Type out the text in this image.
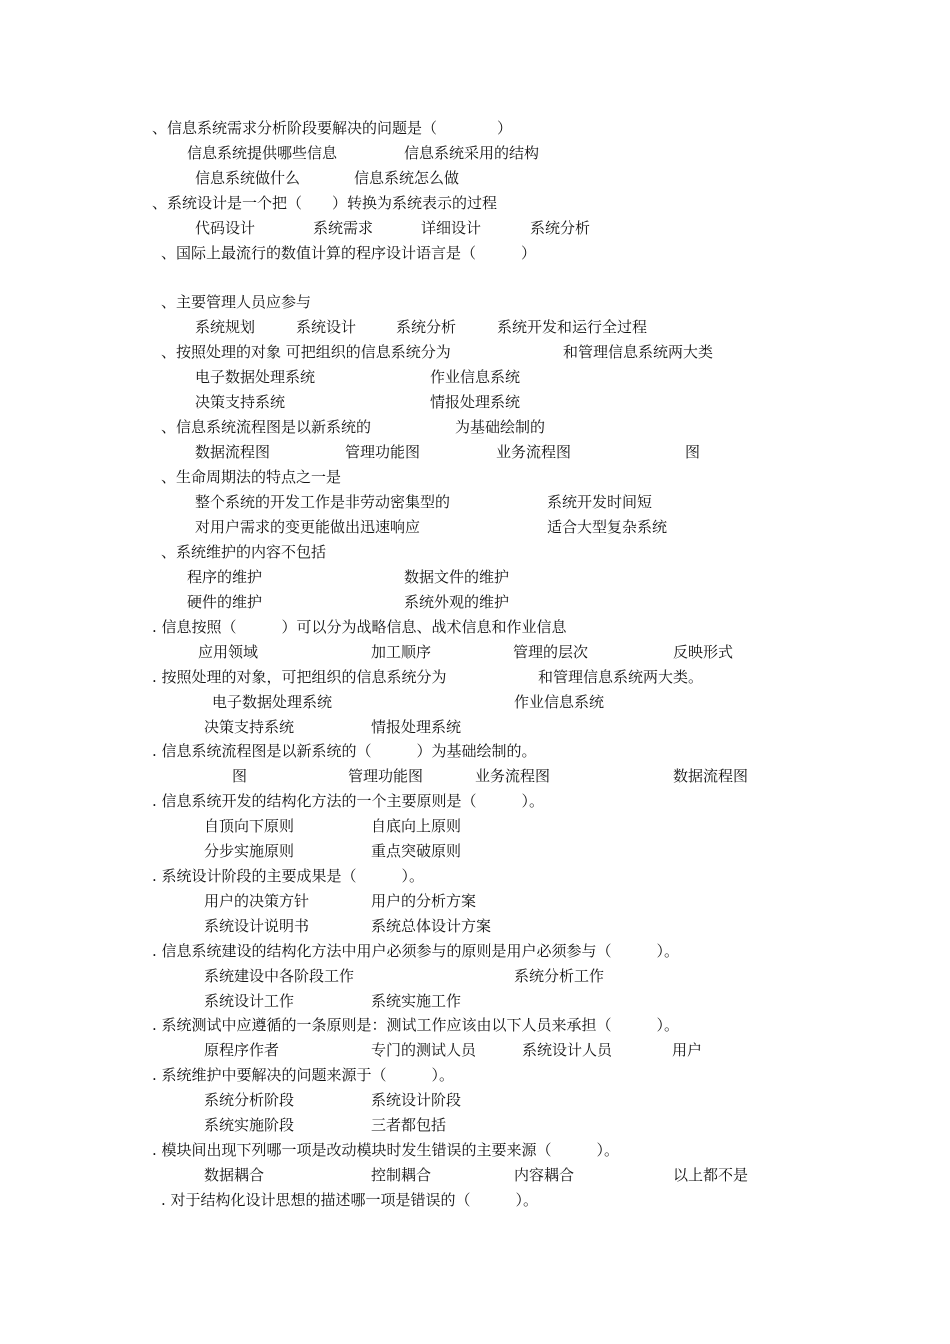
、信息系统需求分析阶段要解决的问题是（　　　　）
信息系统提供哪些信息	信息系统采用的结构
信息系统做什么	信息系统怎么做
、系统设计是一个把（　　）转换为系统表示的过程
代码设计	系统需求	详细设计	系统分析
、国际上最流行的数值计算的程序设计语言是（　　　）
、主要管理人员应参与
系统规划	系统设计	系统分析	系统开发和运行全过程
、按照处理的对象 可把组织的信息系统分为	和管理信息系统两大类
电子数据处理系统	作业信息系统
决策支持系统	情报处理系统
、信息系统流程图是以新系统的	为基础绘制的
数据流程图	管理功能图	业务流程图	图
、生命周期法的特点之一是
整个系统的开发工作是非劳动密集型的	系统开发时间短
对用户需求的变更能做出迅速响应	适合大型复杂系统
、系统维护的内容不包括
程序的维护	数据文件的维护
硬件的维护	系统外观的维护
. 信息按照（　　　）可以分为战略信息、战术信息和作业信息
应用领域	加工顺序	管理的层次	反映形式
. 按照处理的对象，可把组织的信息系统分为	和管理信息系统两大类。
电子数据处理系统	作业信息系统
决策支持系统	情报处理系统
. 信息系统流程图是以新系统的（　　　）为基础绘制的。
图	管理功能图	业务流程图	数据流程图
. 信息系统开发的结构化方法的一个主要原则是（　　　）。
自顶向下原则	自底向上原则
分步实施原则	重点突破原则
. 系统设计阶段的主要成果是（　　　）。
用户的决策方针	用户的分析方案
系统设计说明书	系统总体设计方案
. 信息系统建设的结构化方法中用户必须参与的原则是用户必须参与（　　　）。
系统建设中各阶段工作	系统分析工作
系统设计工作	系统实施工作
. 系统测试中应遵循的一条原则是：测试工作应该由以下人员来承担（　　　）。
原程序作者	专门的测试人员	系统设计人员	用户
. 系统维护中要解决的问题来源于（　　　）。
系统分析阶段	系统设计阶段
系统实施阶段	三者都包括
. 模块间出现下列哪一项是改动模块时发生错误的主要来源（　　　）。
数据耦合	控制耦合	内容耦合	以上都不是
. 对于结构化设计思想的描述哪一项是错误的（　　　）。
